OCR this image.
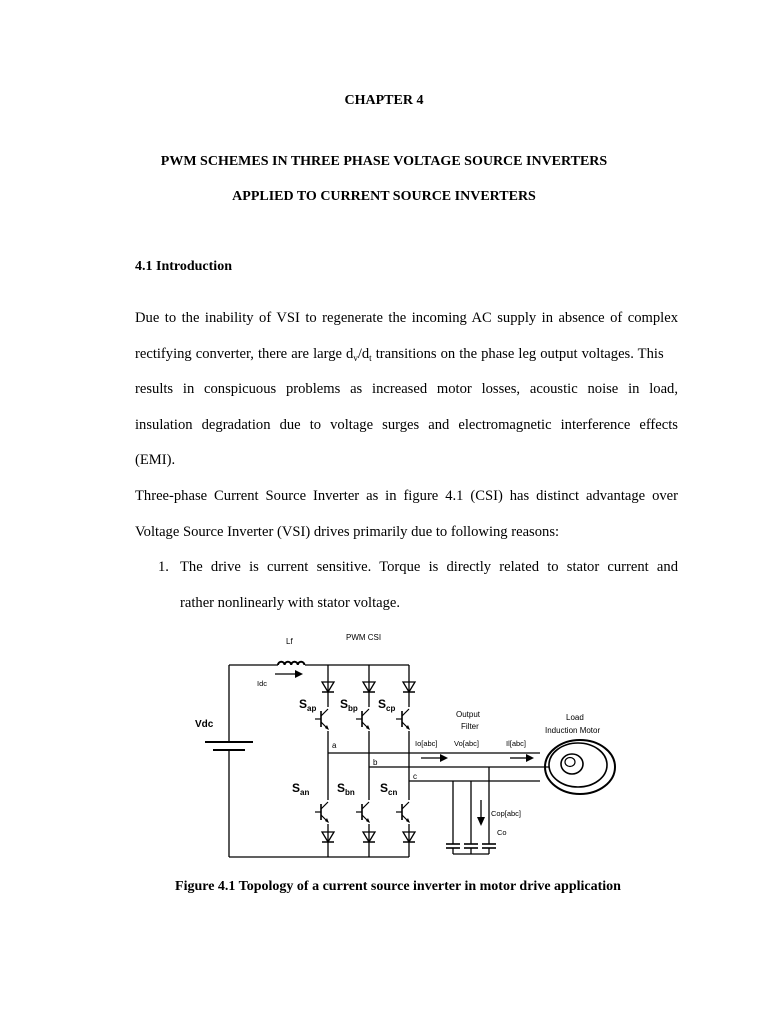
CHAPTER 4
PWM SCHEMES IN THREE PHASE VOLTAGE SOURCE INVERTERS
APPLIED TO CURRENT SOURCE INVERTERS
4.1 Introduction
Due to the inability of VSI to regenerate the incoming AC supply in absence of complex
rectifying converter, there are large $d_v/d_t$ transitions on the phase leg output voltages. This
results in conspicuous problems as increased motor losses, acoustic noise in load,
insulation degradation due to voltage surges and electromagnetic interference effects
(EMI).
Three-phase Current Source Inverter as in figure 4.1 (CSI) has distinct advantage over
Voltage Source Inverter (VSI) drives primarily due to following reasons:
1. The drive is current sensitive. Torque is directly related to stator current and
rather nonlinearly with stator voltage.
Lf	PWM CSI
Idc
Vdc
a
b
c
Output
Filter
Io[abc] Vo[abc]	Il[abc]
Load
Induction Motor
Cop[abc]
Co
$S_{ap}$ $S_{bp}$ $S_{cp}$
$S_{an}$ $S_{bn}$ $S_{cn}$
Figure 4.1 Topology of a current source inverter in motor drive application
